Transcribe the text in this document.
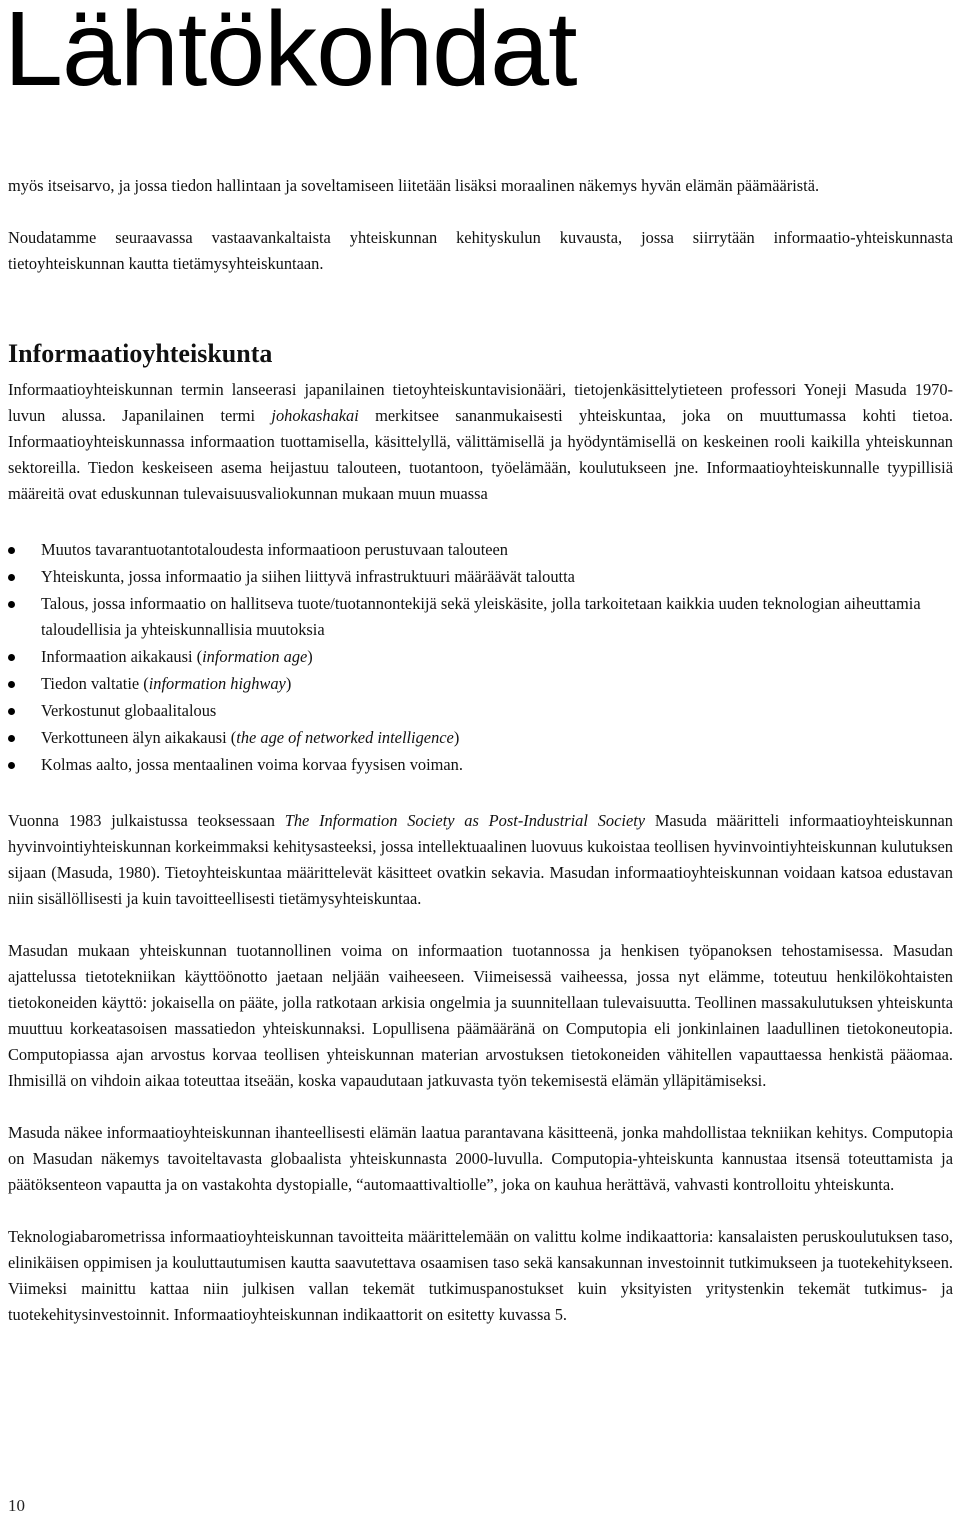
Lähtökohdat

myös itseisarvo, ja jossa tiedon hallintaan ja soveltamiseen liitetään lisäksi moraalinen näkemys hyvän elämän päämääristä.

Noudatamme seuraavassa vastaavankaltaista yhteiskunnan kehityskulun kuvausta, jossa siirrytään informaatio-yhteiskunnasta tietoyhteiskunnan kautta tietämysyhteiskuntaan.

Informaatioyhteiskunta

Informaatioyhteiskunnan termin lanseerasi japanilainen tietoyhteiskuntavisionääri, tietojenkäsittelytieteen professori Yoneji Masuda 1970-luvun alussa. Japanilainen termi johokashakai merkitsee sananmukaisesti yhteiskuntaa, joka on muuttumassa kohti tietoa. Informaatioyhteiskunnassa informaation tuottamisella, käsittelyllä, välittämisellä ja hyödyntämisellä on keskeinen rooli kaikilla yhteiskunnan sektoreilla. Tiedon keskeiseen asema heijastuu talouteen, tuotantoon, työelämään, koulutukseen jne. Informaatioyhteiskunnalle tyypillisiä määreitä ovat eduskunnan tulevaisuusvaliokunnan mukaan muun muassa

Muutos tavarantuotantotaloudesta informaatioon perustuvaan talouteen
Yhteiskunta, jossa informaatio ja siihen liittyvä infrastruktuuri määräävät taloutta
Talous, jossa informaatio on hallitseva tuote/tuotannontekijä sekä yleiskäsite, jolla tarkoitetaan kaikkia uuden teknologian aiheuttamia taloudellisia ja yhteiskunnallisia muutoksia
Informaation aikakausi (information age)
Tiedon valtatie (information highway)
Verkostunut globaalitalous
Verkottuneen älyn aikakausi (the age of networked intelligence)
Kolmas aalto, jossa mentaalinen voima korvaa fyysisen voiman.

Vuonna 1983 julkaistussa teoksessaan The Information Society as Post-Industrial Society Masuda määritteli informaatioyhteiskunnan hyvinvointiyhteiskunnan korkeimmaksi kehitysasteeksi, jossa intellektuaalinen luovuus kukoistaa teollisen hyvinvointiyhteiskunnan kulutuksen sijaan (Masuda, 1980). Tietoyhteiskuntaa määrittelevät käsitteet ovatkin sekavia. Masudan informaatioyhteiskunnan voidaan katsoa edustavan niin sisällöllisesti ja kuin tavoitteellisesti tietämysyhteiskuntaa.

Masudan mukaan yhteiskunnan tuotannollinen voima on informaation tuotannossa ja henkisen työpanoksen tehostamisessa. Masudan ajattelussa tietotekniikan käyttöönotto jaetaan neljään vaiheeseen. Viimeisessä vaiheessa, jossa nyt elämme, toteutuu henkilökohtaisten tietokoneiden käyttö: jokaisella on pääte, jolla ratkotaan arkisia ongelmia ja suunnitellaan tulevaisuutta. Teollinen massakulutuksen yhteiskunta muuttuu korkeatasoisen massatiedon yhteiskunnaksi. Lopullisena päämääränä on Computopia eli jonkinlainen laadullinen tietokoneutopia. Computopiassa ajan arvostus korvaa teollisen yhteiskunnan materian arvostuksen tietokoneiden vähitellen vapauttaessa henkistä pääomaa. Ihmisillä on vihdoin aikaa toteuttaa itseään, koska vapaudutaan jatkuvasta työn tekemisestä elämän ylläpitämiseksi.

Masuda näkee informaatioyhteiskunnan ihanteellisesti elämän laatua parantavana käsitteenä, jonka mahdollistaa tekniikan kehitys. Computopia on Masudan näkemys tavoiteltavasta globaalista yhteiskunnasta 2000-luvulla. Computopia-yhteiskunta kannustaa itsensä toteuttamista ja päätöksenteon vapautta ja on vastakohta dystopialle, “automaattivaltiolle”, joka on kauhua herättävä, vahvasti kontrolloitu yhteiskunta.

Teknologiabarometrissa informaatioyhteiskunnan tavoitteita määrittelemään on valittu kolme indikaattoria: kansalaisten peruskoulutuksen taso, elinikäisen oppimisen ja kouluttautumisen kautta saavutettava osaamisen taso sekä kansakunnan investoinnit tutkimukseen ja tuotekehitykseen. Viimeksi mainittu kattaa niin julkisen vallan tekemät tutkimuspanostukset kuin yksityisten yritystenkin tekemät tutkimus- ja tuotekehitysinvestoinnit. Informaatioyhteiskunnan indikaattorit on esitetty kuvassa 5.

10
